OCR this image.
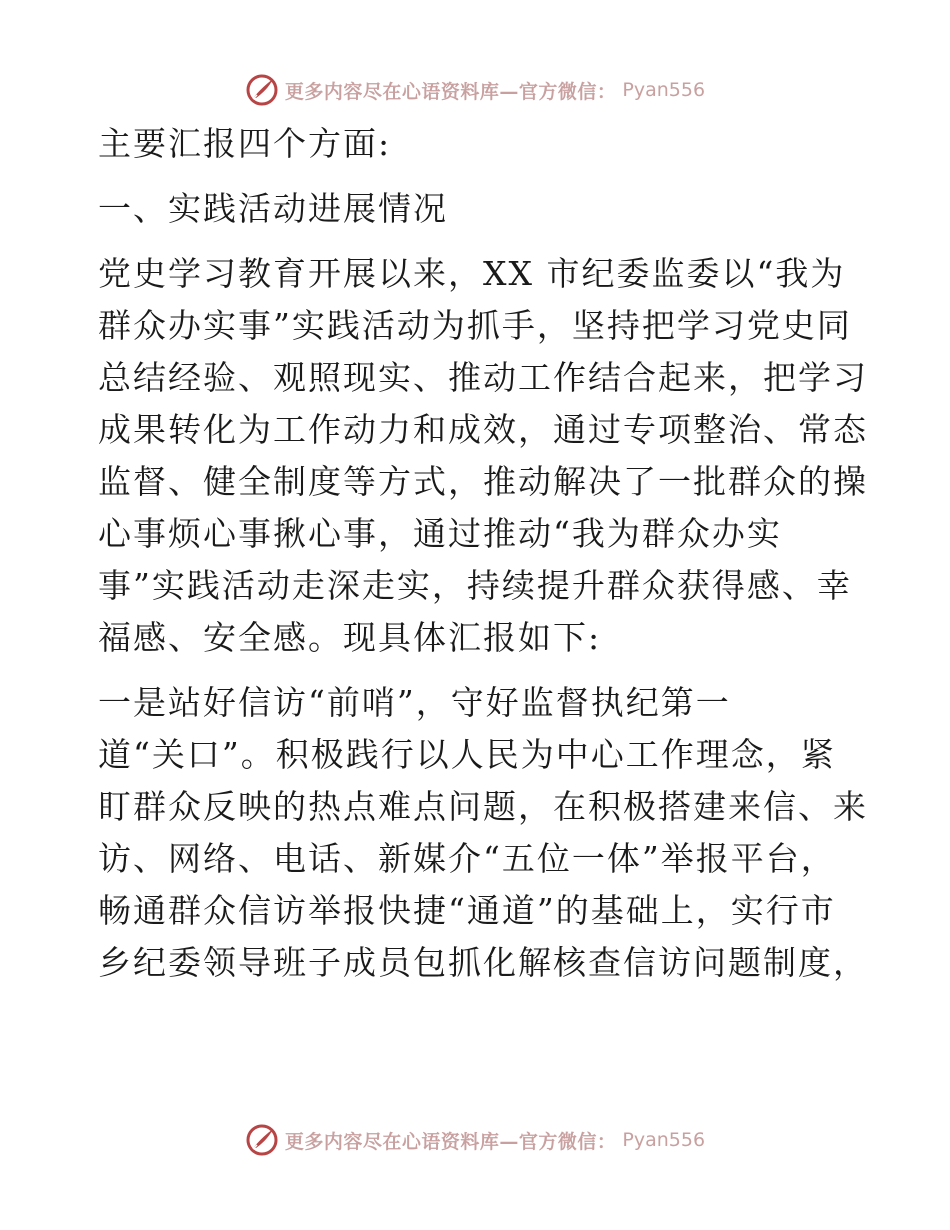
更多内容尽在心语资料库—官方微信： Pyan556
主要汇报四个方面:
一、实践活动进展情况
党史学习教育开展以来，XX 市纪委监委以“我为
群众办实事”实践活动为抓手，坚持把学习党史同
总结经验、观照现实、推动工作结合起来，把学习
成果转化为工作动力和成效，通过专项整治、常态
监督、健全制度等方式，推动解决了一批群众的操
心事烦心事揪心事，通过推动“我为群众办实
事”实践活动走深走实，持续提升群众获得感、幸
福感、安全感。现具体汇报如下:
一是站好信访“前哨”，守好监督执纪第一
道“关口”。积极践行以人民为中心工作理念，紧
盯群众反映的热点难点问题，在积极搭建来信、来
访、网络、电话、新媒介“五位一体”举报平台，
畅通群众信访举报快捷“通道”的基础上，实行市
乡纪委领导班子成员包抓化解核查信访问题制度，
更多内容尽在心语资料库—官方微信： Pyan556
